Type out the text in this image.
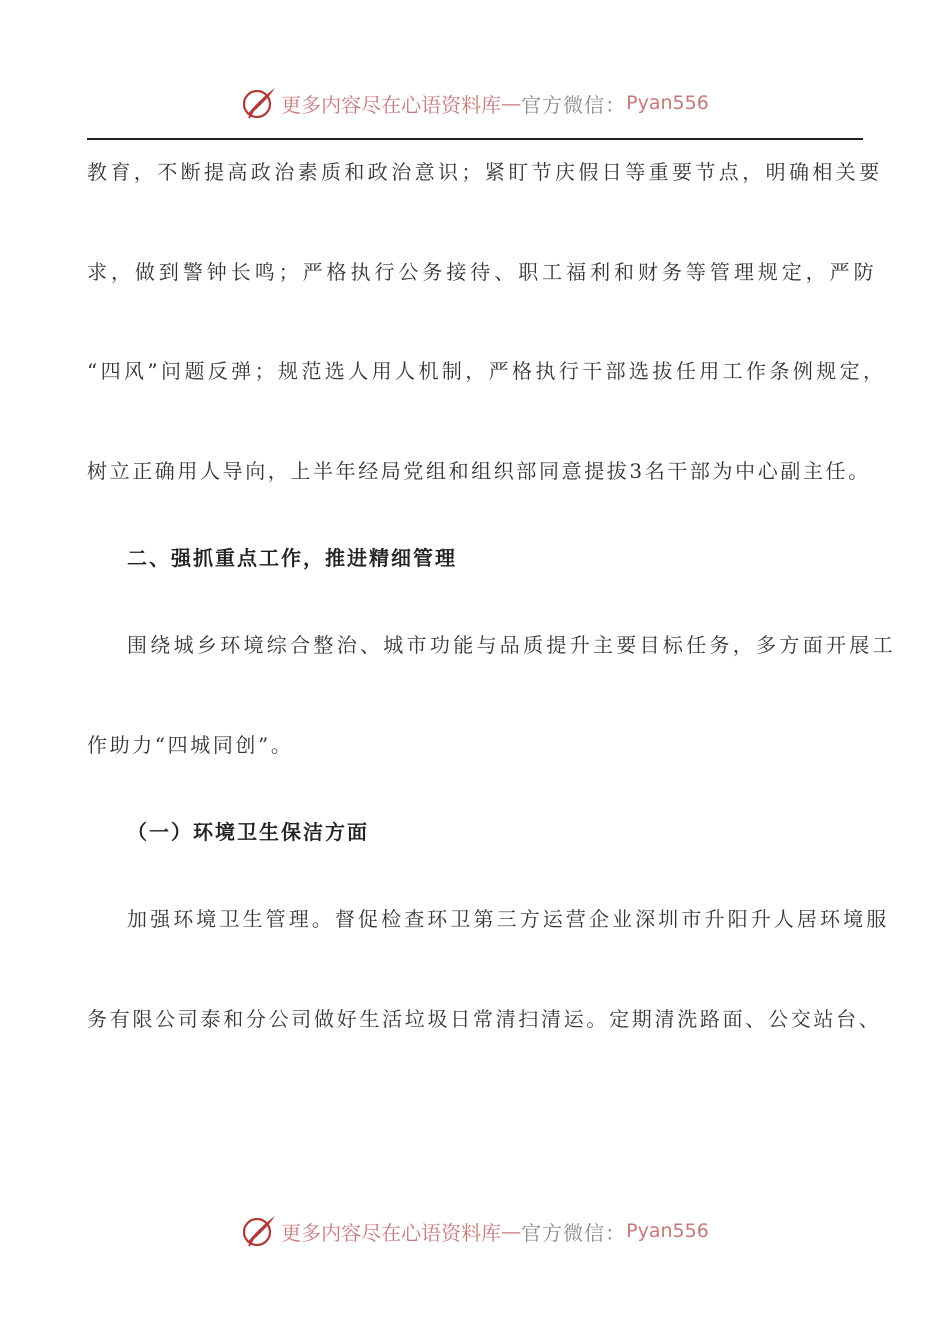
更多内容尽在心语资料库 — 官方微信： Pyan556
教育，不断提高政治素质和政治意识；紧盯节庆假日等重要节点，明确相关要
求，做到警钟长鸣；严格执行公务接待、职工福利和财务等管理规定，严防
“四风”问题反弹；规范选人用人机制，严格执行干部选拔任用工作条例规定，
树立正确用人导向，上半年经局党组和组织部同意提拔3名干部为中心副主任。
二、强抓重点工作，推进精细管理
围绕城乡环境综合整治、城市功能与品质提升主要目标任务，多方面开展工
作助力“四城同创”。
（一）环境卫生保洁方面
加强环境卫生管理。督促检查环卫第三方运营企业深圳市升阳升人居环境服
务有限公司泰和分公司做好生活垃圾日常清扫清运。定期清洗路面、公交站台、
更多内容尽在心语资料库 — 官方微信： Pyan556
